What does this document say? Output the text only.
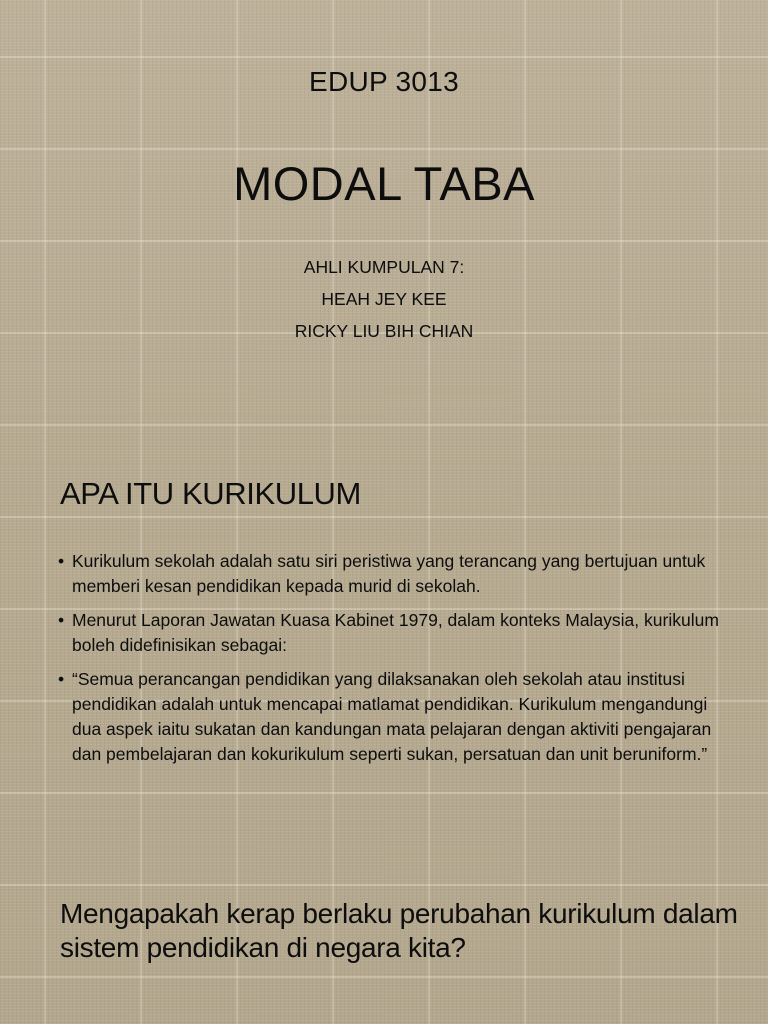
EDUP 3013
MODAL TABA
AHLI KUMPULAN 7:
HEAH JEY KEE
RICKY LIU BIH CHIAN
APA ITU KURIKULUM
• Kurikulum sekolah adalah satu siri peristiwa yang terancang yang bertujuan untuk memberi kesan pendidikan kepada murid di sekolah.
• Menurut Laporan Jawatan Kuasa Kabinet 1979, dalam konteks Malaysia, kurikulum boleh didefinisikan sebagai:
• “Semua perancangan pendidikan yang dilaksanakan oleh sekolah atau institusi pendidikan adalah untuk mencapai matlamat pendidikan. Kurikulum mengandungi dua aspek iaitu sukatan dan kandungan mata pelajaran dengan aktiviti pengajaran dan pembelajaran dan kokurikulum seperti sukan, persatuan dan unit beruniform.”
Mengapakah kerap berlaku perubahan kurikulum dalam sistem pendidikan di negara kita?
